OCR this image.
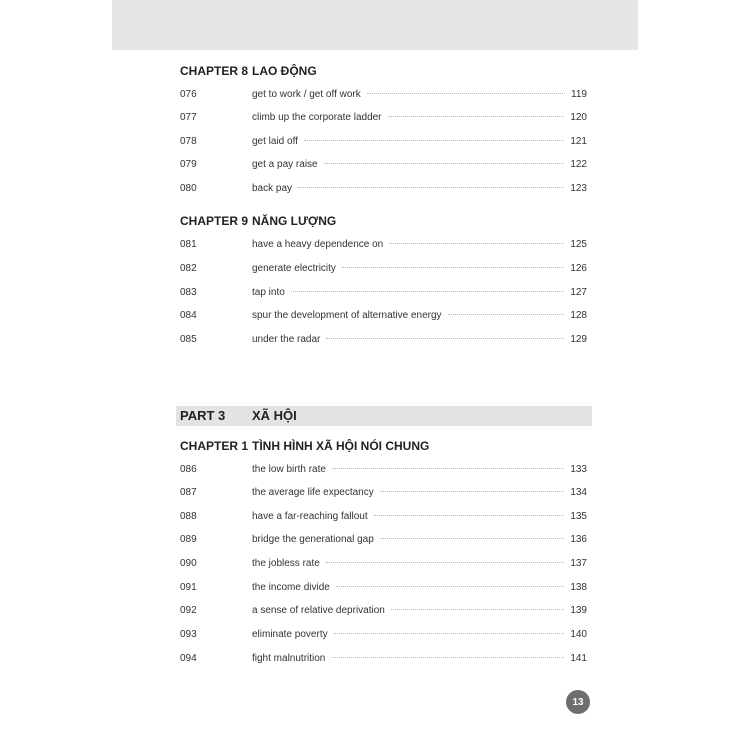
CHAPTER 8 LAO ĐỘNG
076	get to work / get off work	119
077	climb up the corporate ladder	120
078	get laid off	121
079	get a pay raise	122
080	back pay	123
CHAPTER 9 NĂNG LƯỢNG
081	have a heavy dependence on	125
082	generate electricity	126
083	tap into	127
084	spur the development of alternative energy	128
085	under the radar	129
PART 3 XÃ HỘI
CHAPTER 1 TÌNH HÌNH XÃ HỘI NÓI CHUNG
086	the low birth rate	133
087	the average life expectancy	134
088	have a far-reaching fallout	135
089	bridge the generational gap	136
090	the jobless rate	137
091	the income divide	138
092	a sense of relative deprivation	139
093	eliminate poverty	140
094	fight malnutrition	141
13
